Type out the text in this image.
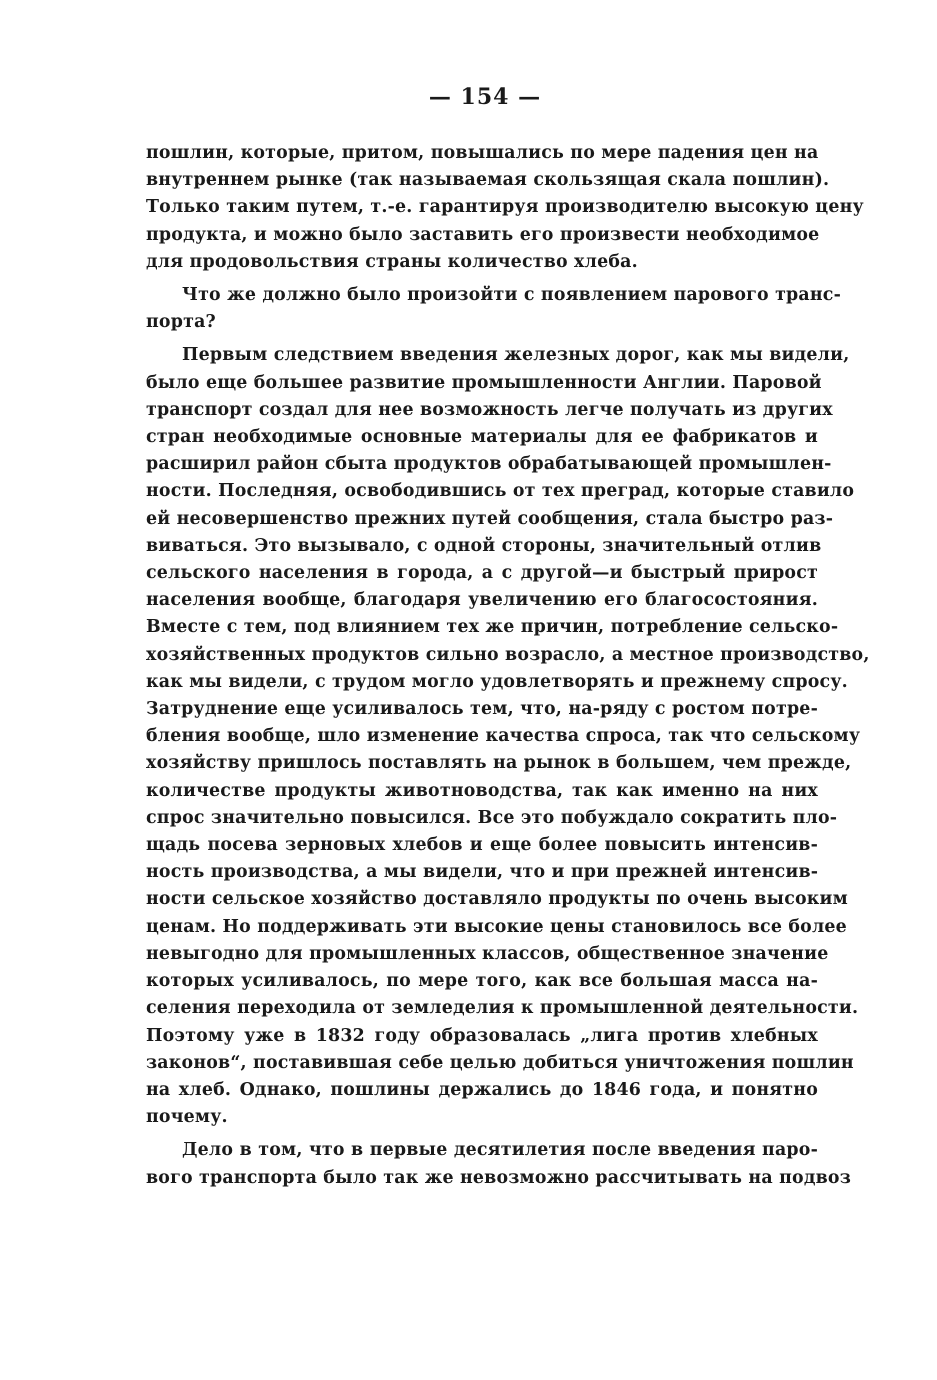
— 154 —

пошлин, которые, притом, повышались по мере падения цен на
внутреннем рынке (так называемая скользящая скала пошлин).
Только таким путем, т.-е. гарантируя производителю высокую цену
продукта, и можно было заставить его произвести необходимое
для продовольствия страны количество хлеба.

Что же должно было произойти с появлением парового транс-
порта?

Первым следствием введения железных дорог, как мы видели,
было еще большее развитие промышленности Англии. Паровой
транспорт создал для нее возможность легче получать из других
стран необходимые основные материалы для ее фабрикатов и
расширил район сбыта продуктов обрабатывающей промышлен-
ности. Последняя, освободившись от тех преград, которые ставило
ей несовершенство прежних путей сообщения, стала быстро раз-
виваться. Это вызывало, с одной стороны, значительный отлив
сельского населения в города, а с другой—и быстрый прирост
населения вообще, благодаря увеличению его благосостояния.
Вместе с тем, под влиянием тех же причин, потребление сельско-
хозяйственных продуктов сильно возрасло, а местное производство,
как мы видели, с трудом могло удовлетворять и прежнему спросу.
Затруднение еще усиливалось тем, что, на-ряду с ростом потре-
бления вообще, шло изменение качества спроса, так что сельскому
хозяйству пришлось поставлять на рынок в большем, чем прежде,
количестве продукты животноводства, так как именно на них
спрос значительно повысился. Все это побуждало сократить пло-
щадь посева зерновых хлебов и еще более повысить интенсив-
ность производства, а мы видели, что и при прежней интенсив-
ности сельское хозяйство доставляло продукты по очень высоким
ценам. Но поддерживать эти высокие цены становилось все более
невыгодно для промышленных классов, общественное значение
которых усиливалось, по мере того, как все большая масса на-
селения переходила от земледелия к промышленной деятельности.
Поэтому уже в 1832 году образовалась „лига против хлебных
законов“, поставившая себе целью добиться уничтожения пошлин
на хлеб. Однако, пошлины держались до 1846 года, и понятно
почему.

Дело в том, что в первые десятилетия после введения паро-
вого транспорта было так же невозможно рассчитывать на подвоз
